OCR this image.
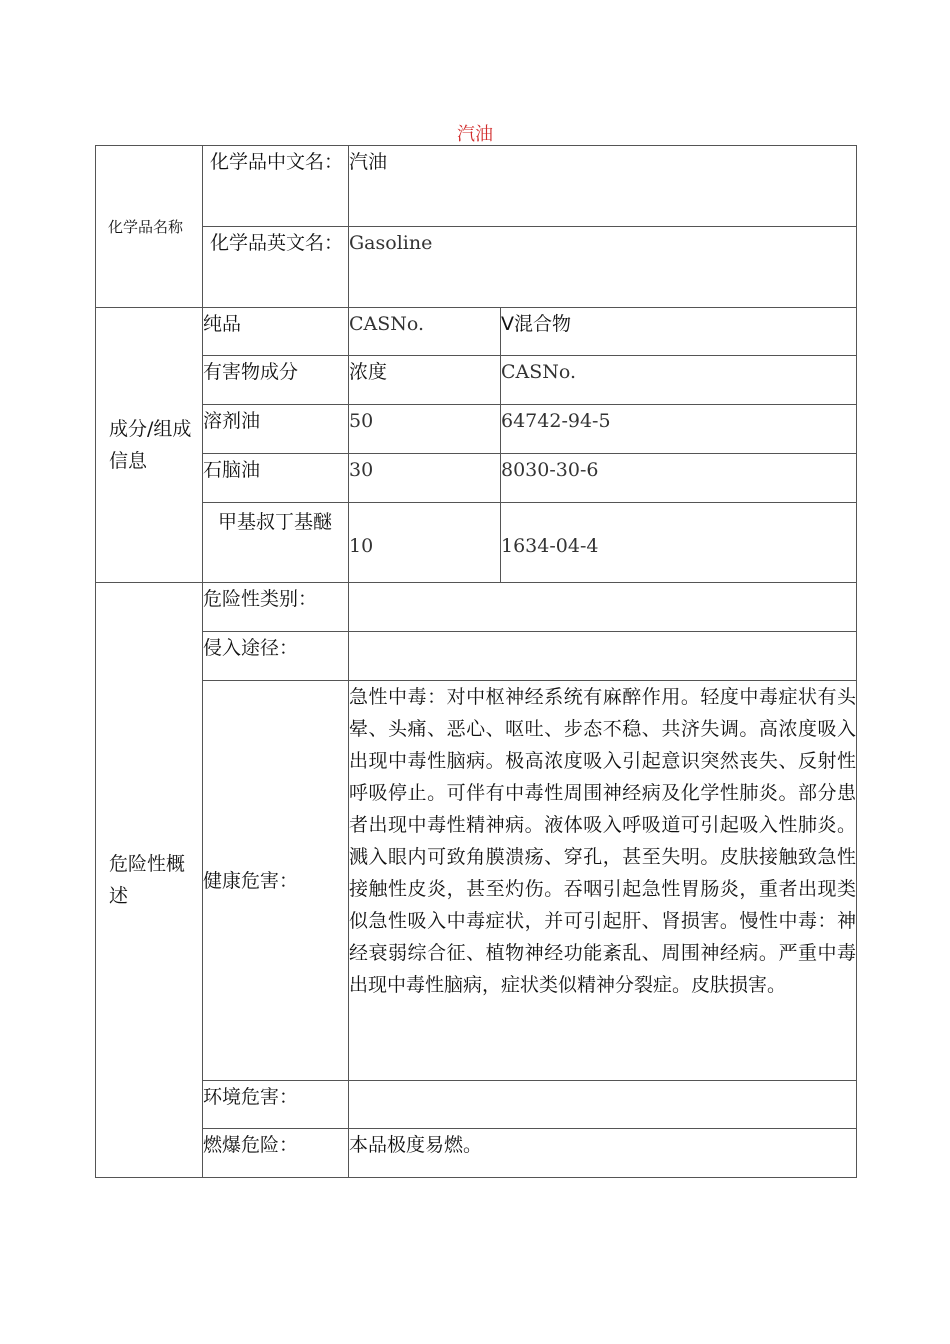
汽油
化学品名称	化学品中文名：	汽油	
	化学品英文名：	Gasoline	
成分/组成信息	纯品	CASNo.	V混合物
	有害物成分	浓度	CASNo.
	溶剂油	50	64742-94-5
	石脑油	30	8030-30-6
	甲基叔丁基醚	10	1634-04-4
危险性概述	危险性类别：		
	侵入途径：		
	健康危害：	急性中毒：对中枢神经系统有麻醉作用。轻度中毒症状有头晕、头痛、恶心、呕吐、步态不稳、共济失调。高浓度吸入出现中毒性脑病。极高浓度吸入引起意识突然丧失、反射性呼吸停止。可伴有中毒性周围神经病及化学性肺炎。部分患者出现中毒性精神病。液体吸入呼吸道可引起吸入性肺炎。溅入眼内可致角膜溃疡、穿孔，甚至失明。皮肤接触致急性接触性皮炎，甚至灼伤。吞咽引起急性胃肠炎，重者出现类似急性吸入中毒症状，并可引起肝、肾损害。慢性中毒：神经衰弱综合征、植物神经功能紊乱、周围神经病。严重中毒出现中毒性脑病，症状类似精神分裂症。皮肤损害。	
	环境危害：		
	燃爆危险：	本品极度易燃。	
